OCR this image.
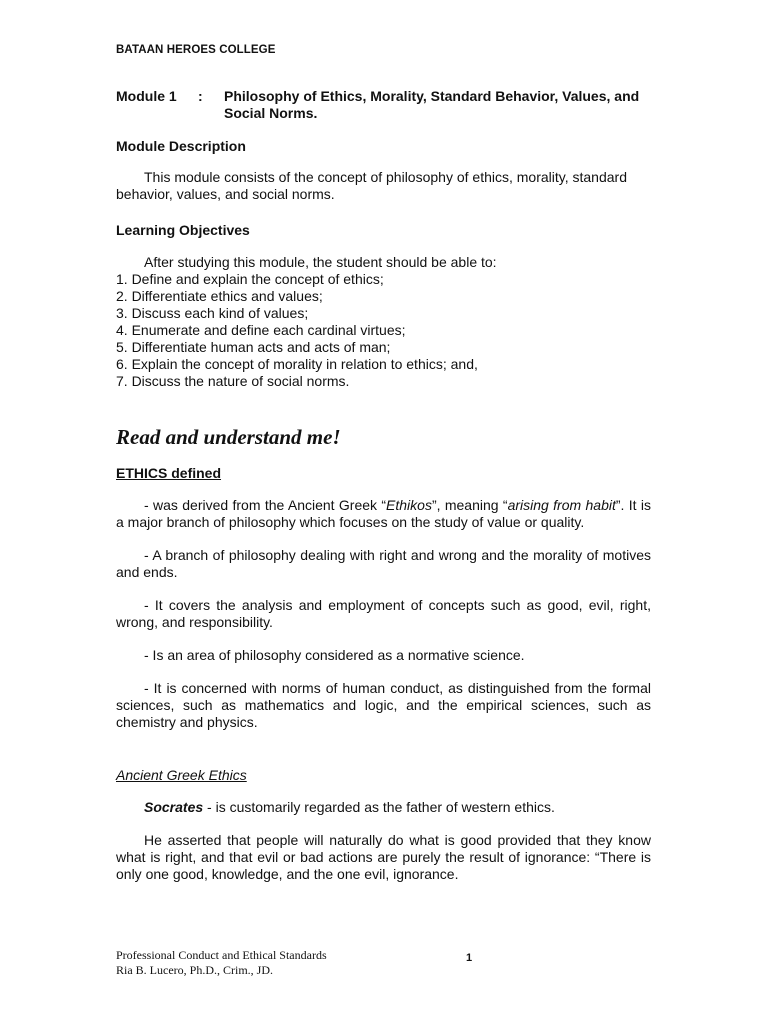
BATAAN HEROES COLLEGE
Module 1 : Philosophy of Ethics, Morality, Standard Behavior, Values, and Social Norms.
Module Description
This module consists of the concept of philosophy of ethics, morality, standard behavior, values, and social norms.
Learning Objectives
After studying this module, the student should be able to:
1. Define and explain the concept of ethics;
2. Differentiate ethics and values;
3. Discuss each kind of values;
4. Enumerate and define each cardinal virtues;
5. Differentiate human acts and acts of man;
6. Explain the concept of morality in relation to ethics; and,
7. Discuss the nature of social norms.
Read and understand me!
ETHICS defined
- was derived from the Ancient Greek “Ethikos”, meaning “arising from habit”. It is a major branch of philosophy which focuses on the study of value or quality.
- A branch of philosophy dealing with right and wrong and the morality of motives and ends.
- It covers the analysis and employment of concepts such as good, evil, right, wrong, and responsibility.
- Is an area of philosophy considered as a normative science.
- It is concerned with norms of human conduct, as distinguished from the formal sciences, such as mathematics and logic, and the empirical sciences, such as chemistry and physics.
Ancient Greek Ethics
Socrates - is customarily regarded as the father of western ethics.
He asserted that people will naturally do what is good provided that they know what is right, and that evil or bad actions are purely the result of ignorance: “There is only one good, knowledge, and the one evil, ignorance.
Professional Conduct and Ethical Standards
Ria B. Lucero, Ph.D., Crim., JD.
1
